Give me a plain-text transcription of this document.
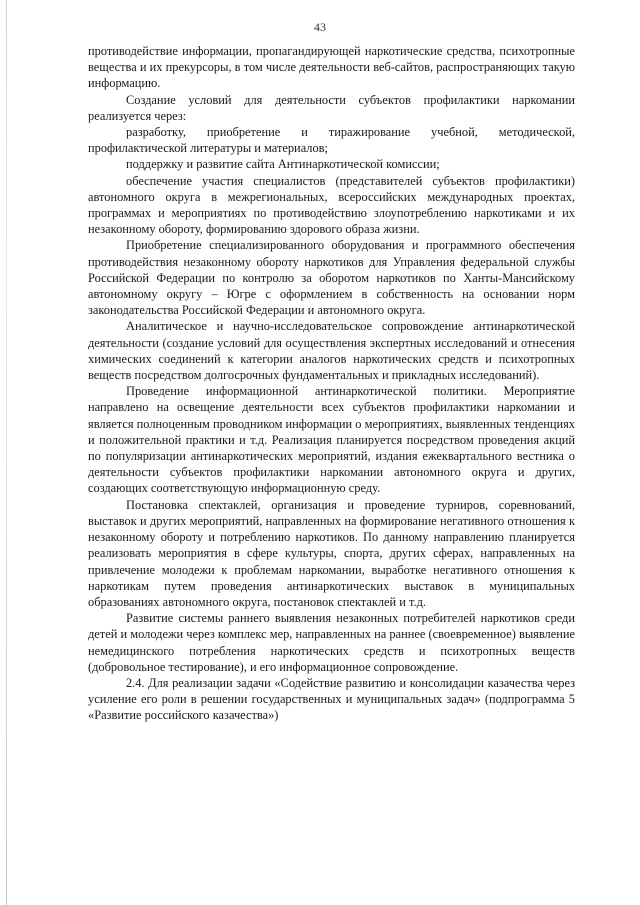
43

противодействие информации, пропагандирующей наркотические средства, психотропные вещества и их прекурсоры, в том числе деятельности веб-сайтов, распространяющих такую информацию.

Создание условий для деятельности субъектов профилактики наркомании реализуется через:

разработку, приобретение и тиражирование учебной, методической, профилактической литературы и материалов;

поддержку и развитие сайта Антинаркотической комиссии;

обеспечение участия специалистов (представителей субъектов профилактики) автономного округа в межрегиональных, всероссийских международных проектах, программах и мероприятиях по противодействию злоупотреблению наркотиками и их незаконному обороту, формированию здорового образа жизни.

Приобретение специализированного оборудования и программного обеспечения противодействия незаконному обороту наркотиков для Управления федеральной службы Российской Федерации по контролю за оборотом наркотиков по Ханты-Мансийскому автономному округу – Югре с оформлением в собственность на основании норм законодательства Российской Федерации и автономного округа.

Аналитическое и научно-исследовательское сопровождение антинаркотической деятельности (создание условий для осуществления экспертных исследований и отнесения химических соединений к категории аналогов наркотических средств и психотропных веществ посредством долгосрочных фундаментальных и прикладных исследований).

Проведение информационной антинаркотической политики. Мероприятие направлено на освещение деятельности всех субъектов профилактики наркомании и является полноценным проводником информации о мероприятиях, выявленных тенденциях и положительной практики и т.д. Реализация планируется посредством проведения акций по популяризации антинаркотических мероприятий, издания ежеквартального вестника о деятельности субъектов профилактики наркомании автономного округа и других, создающих соответствующую информационную среду.

Постановка спектаклей, организация и проведение турниров, соревнований, выставок и других мероприятий, направленных на формирование негативного отношения к незаконному обороту и потреблению наркотиков. По данному направлению планируется реализовать мероприятия в сфере культуры, спорта, других сферах, направленных на привлечение молодежи к проблемам наркомании, выработке негативного отношения к наркотикам путем проведения антинаркотических выставок в муниципальных образованиях автономного округа, постановок спектаклей и т.д.

Развитие системы раннего выявления незаконных потребителей наркотиков среди детей и молодежи через комплекс мер, направленных на раннее (своевременное) выявление немедицинского потребления наркотических средств и психотропных веществ (добровольное тестирование), и его информационное сопровождение.

2.4. Для реализации задачи «Содействие развитию и консолидации казачества через усиление его роли в решении государственных и муниципальных задач» (подпрограмма 5 «Развитие российского казачества»)
